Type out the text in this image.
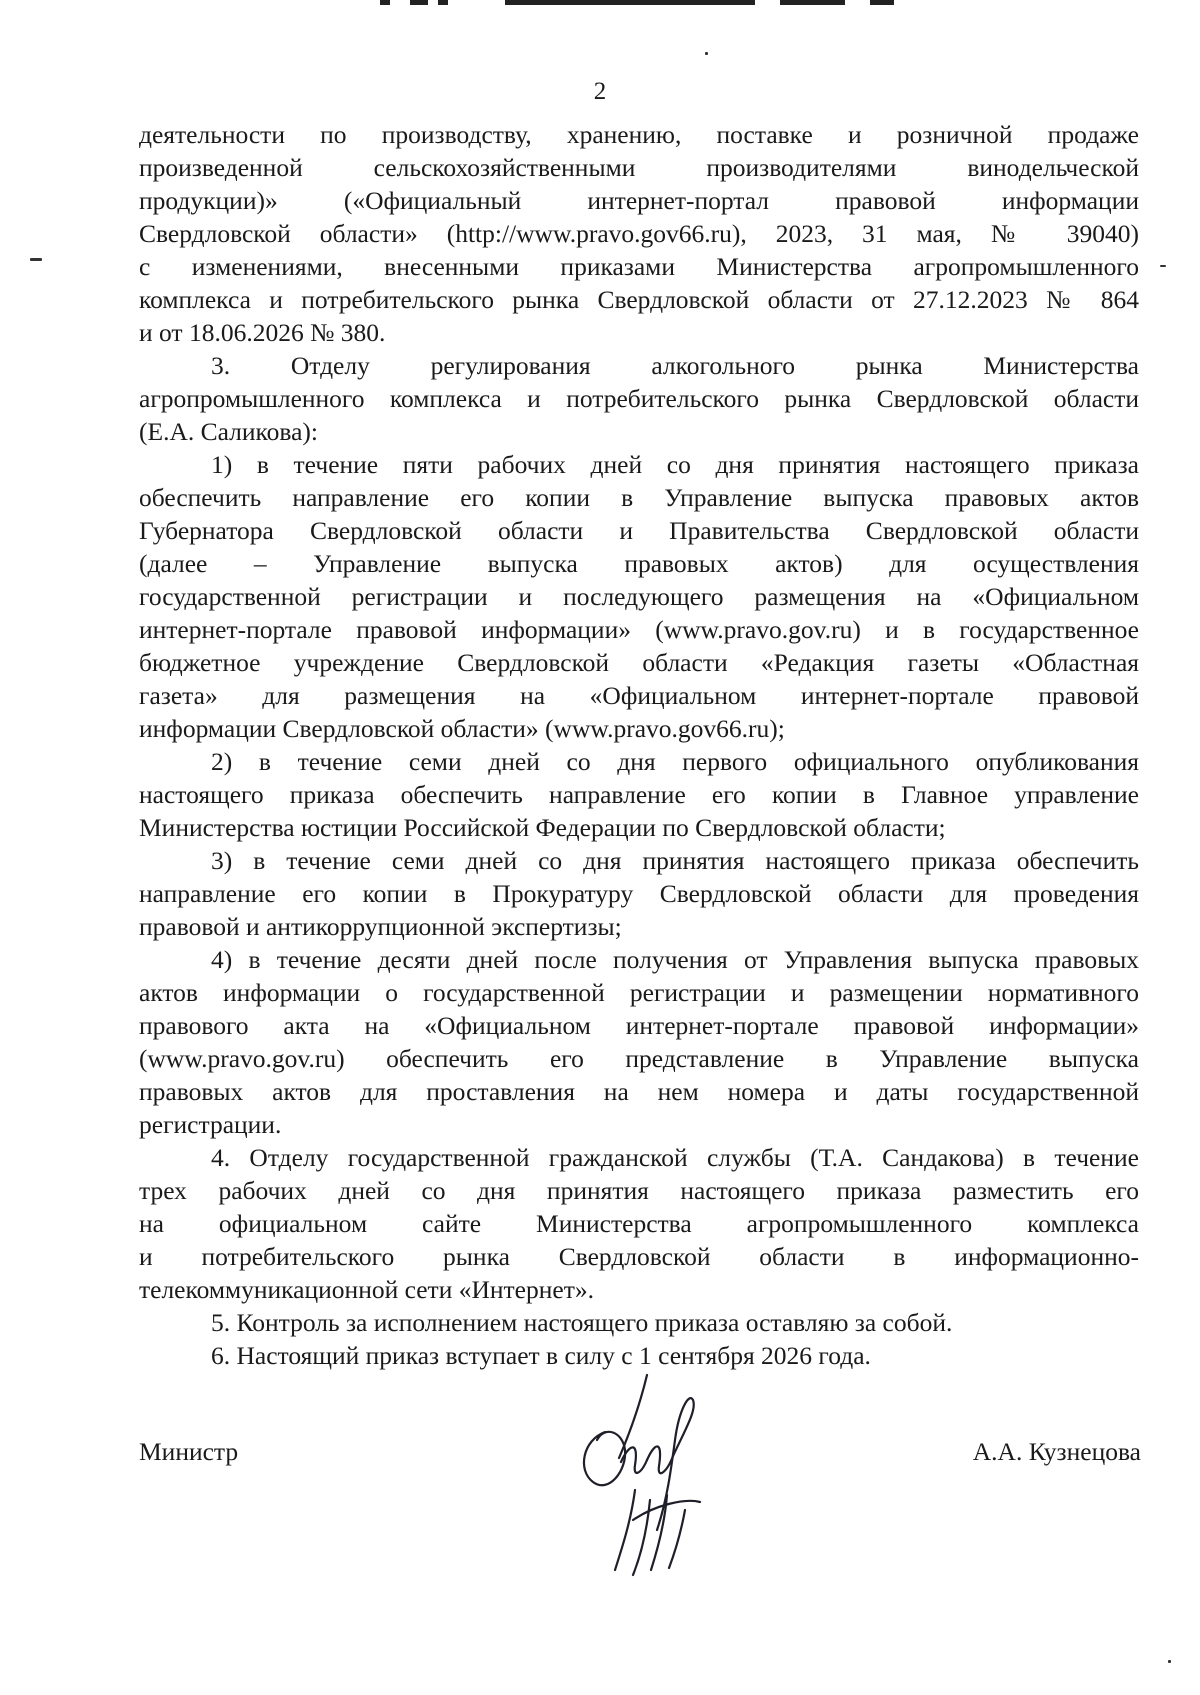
2

деятельности по производству, хранению, поставке и розничной продаже
произведенной сельскохозяйственными производителями винодельческой
продукции)» («Официальный интернет-портал правовой информации
Свердловской области» (http://www.pravo.gov66.ru), 2023, 31 мая, № 39040)
с изменениями, внесенными приказами Министерства агропромышленного
комплекса и потребительского рынка Свердловской области от 27.12.2023 № 864
и от 18.06.2026 № 380.

3. Отделу регулирования алкогольного рынка Министерства
агропромышленного комплекса и потребительского рынка Свердловской области
(Е.А. Саликова):

1) в течение пяти рабочих дней со дня принятия настоящего приказа
обеспечить направление его копии в Управление выпуска правовых актов
Губернатора Свердловской области и Правительства Свердловской области
(далее – Управление выпуска правовых актов) для осуществления
государственной регистрации и последующего размещения на «Официальном
интернет-портале правовой информации» (www.pravo.gov.ru) и в государственное
бюджетное учреждение Свердловской области «Редакция газеты «Областная
газета» для размещения на «Официальном интернет-портале правовой
информации Свердловской области» (www.pravo.gov66.ru);

2) в течение семи дней со дня первого официального опубликования
настоящего приказа обеспечить направление его копии в Главное управление
Министерства юстиции Российской Федерации по Свердловской области;

3) в течение семи дней со дня принятия настоящего приказа обеспечить
направление его копии в Прокуратуру Свердловской области для проведения
правовой и антикоррупционной экспертизы;

4) в течение десяти дней после получения от Управления выпуска правовых
актов информации о государственной регистрации и размещении нормативного
правового акта на «Официальном интернет-портале правовой информации»
(www.pravo.gov.ru) обеспечить его представление в Управление выпуска
правовых актов для проставления на нем номера и даты государственной
регистрации.

4. Отделу государственной гражданской службы (Т.А. Сандакова) в течение
трех рабочих дней со дня принятия настоящего приказа разместить его
на официальном сайте Министерства агропромышленного комплекса
и потребительского рынка Свердловской области в информационно-
телекоммуникационной сети «Интернет».

5. Контроль за исполнением настоящего приказа оставляю за собой.

6. Настоящий приказ вступает в силу с 1 сентября 2026 года.

Министр	А.А. Кузнецова
